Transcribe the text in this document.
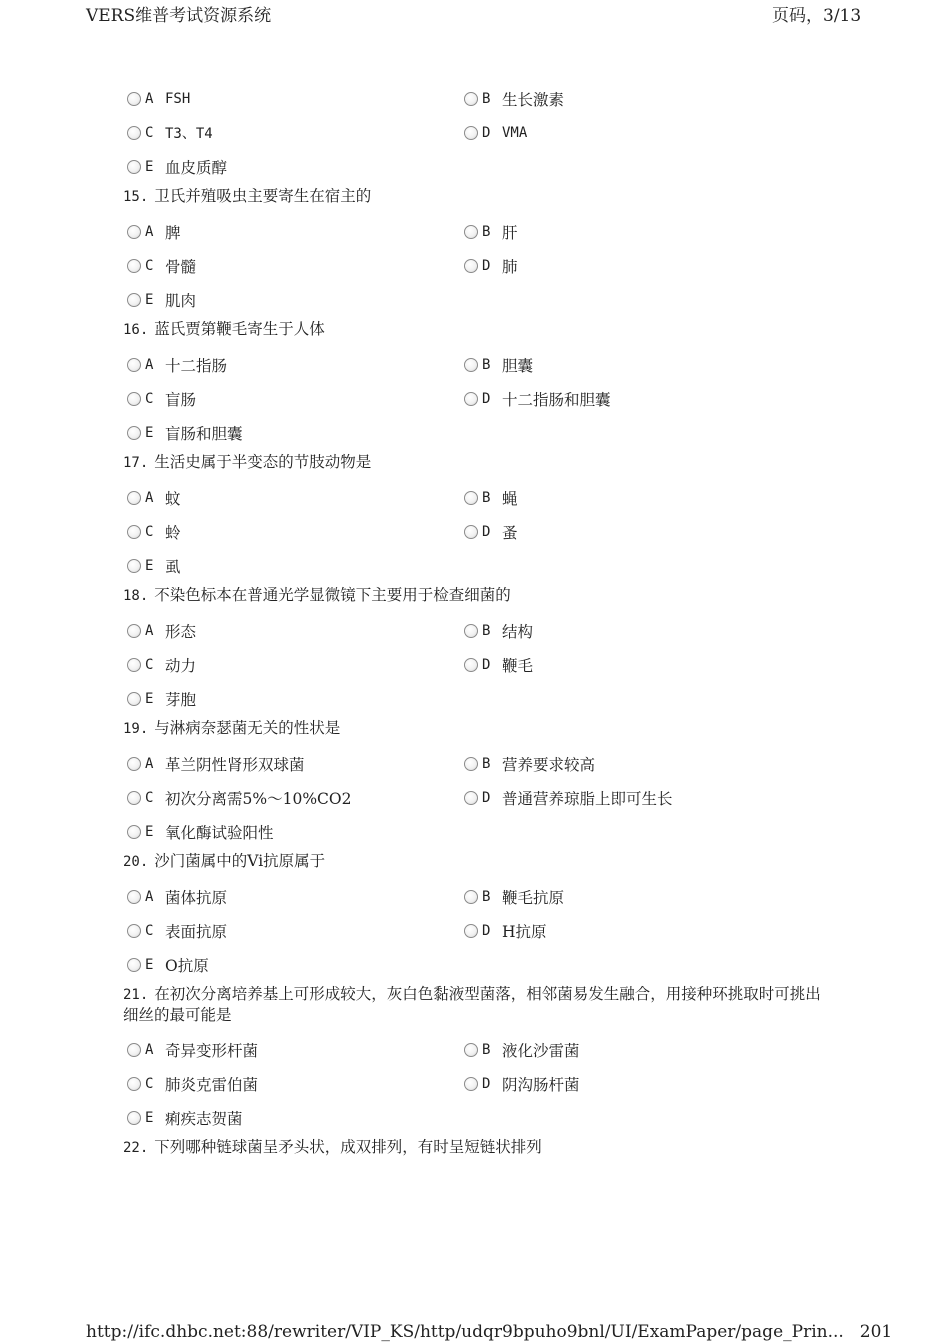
VERS维普考试资源系统	页码，3/13
A FSH	B 生长激素
C T3、T4	D VMA
E 血皮质醇
15. 卫氏并殖吸虫主要寄生在宿主的
A 脾	B 肝
C 骨髓	D 肺
E 肌肉
16. 蓝氏贾第鞭毛寄生于人体
A 十二指肠	B 胆囊
C 盲肠	D 十二指肠和胆囊
E 盲肠和胆囊
17. 生活史属于半变态的节肢动物是
A 蚊	B 蝇
C 蛉	D 蚤
E 虱
18. 不染色标本在普通光学显微镜下主要用于检查细菌的
A 形态	B 结构
C 动力	D 鞭毛
E 芽胞
19. 与淋病奈瑟菌无关的性状是
A 革兰阴性肾形双球菌	B 营养要求较高
C 初次分离需5%～10%CO2	D 普通营养琼脂上即可生长
E 氧化酶试验阳性
20. 沙门菌属中的Vi抗原属于
A 菌体抗原	B 鞭毛抗原
C 表面抗原	D H抗原
E O抗原
21. 在初次分离培养基上可形成较大，灰白色黏液型菌落，相邻菌易发生融合，用接种环挑取时可挑出细丝的最可能是
A 奇异变形杆菌	B 液化沙雷菌
C 肺炎克雷伯菌	D 阴沟肠杆菌
E 痢疾志贺菌
22. 下列哪种链球菌呈矛头状，成双排列，有时呈短链状排列
http://ifc.dhbc.net:88/rewriter/VIP_KS/http/udqr9bpuho9bnl/UI/ExamPaper/page_Prin... 201
